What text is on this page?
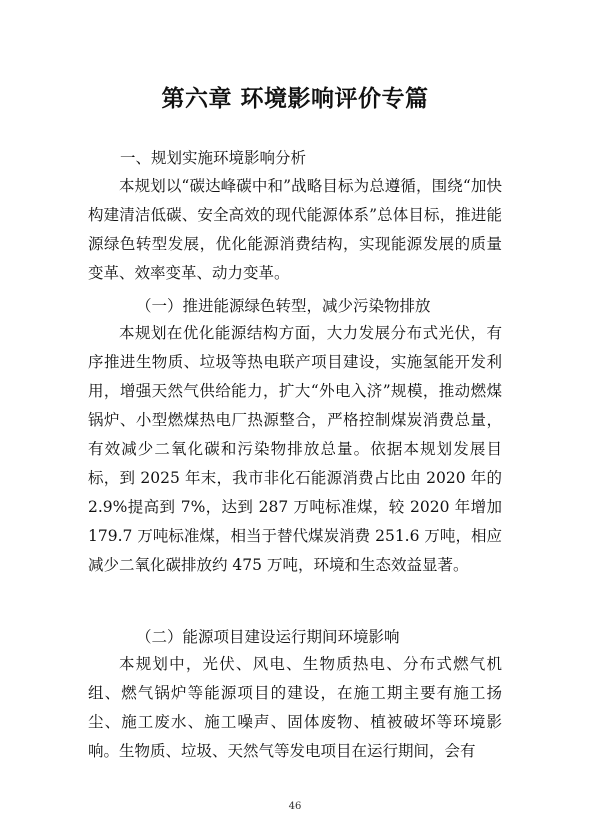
第六章 环境影响评价专篇
一、规划实施环境影响分析

本规划以“碳达峰碳中和”战略目标为总遵循，围绕“加快构建清洁低碳、安全高效的现代能源体系”总体目标，推进能源绿色转型发展，优化能源消费结构，实现能源发展的质量变革、效率变革、动力变革。

（一）推进能源绿色转型，减少污染物排放

本规划在优化能源结构方面，大力发展分布式光伏，有序推进生物质、垃圾等热电联产项目建设，实施氢能开发利用，增强天然气供给能力，扩大“外电入济”规模，推动燃煤锅炉、小型燃煤热电厂热源整合，严格控制煤炭消费总量，有效减少二氧化碳和污染物排放总量。依据本规划发展目标，到 2025 年末，我市非化石能源消费占比由 2020 年的 2.9%提高到 7%，达到 287 万吨标准煤，较 2020 年增加 179.7 万吨标准煤，相当于替代煤炭消费 251.6 万吨，相应减少二氧化碳排放约 475 万吨，环境和生态效益显著。

（二）能源项目建设运行期间环境影响

本规划中，光伏、风电、生物质热电、分布式燃气机组、燃气锅炉等能源项目的建设，在施工期主要有施工扬尘、施工废水、施工噪声、固体废物、植被破坏等环境影响。生物质、垃圾、天然气等发电项目在运行期间，会有

46
